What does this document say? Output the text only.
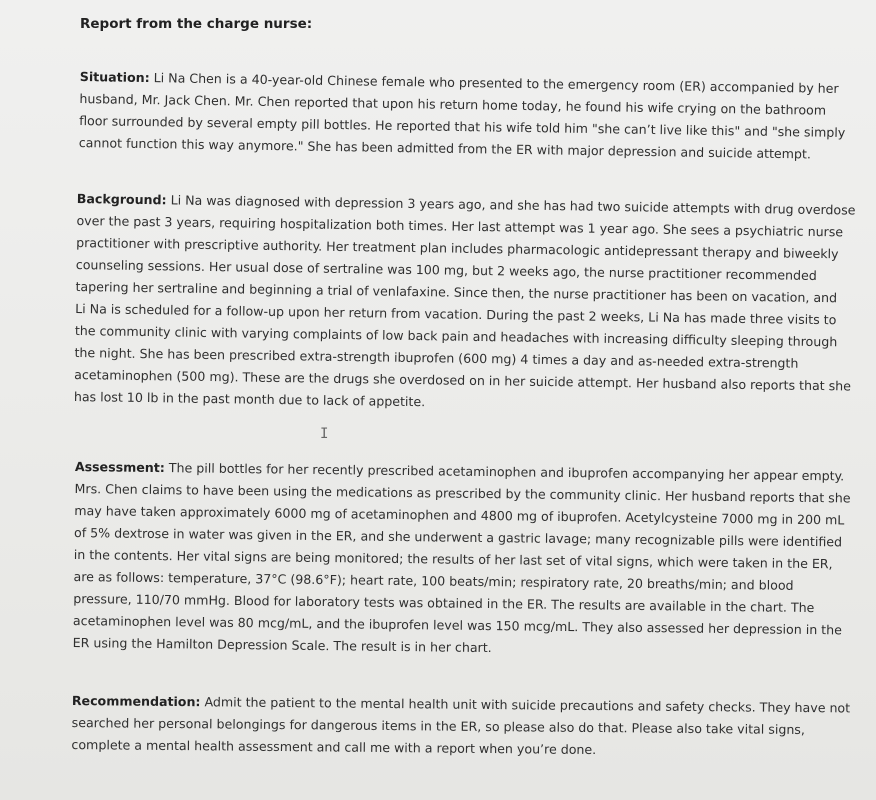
Report from the charge nurse:
Situation: Li Na Chen is a 40-year-old Chinese female who presented to the emergency room (ER) accompanied by her
husband, Mr. Jack Chen. Mr. Chen reported that upon his return home today, he found his wife crying on the bathroom
floor surrounded by several empty pill bottles. He reported that his wife told him "she can’t live like this" and "she simply
cannot function this way anymore." She has been admitted from the ER with major depression and suicide attempt.
Background: Li Na was diagnosed with depression 3 years ago, and she has had two suicide attempts with drug overdose
over the past 3 years, requiring hospitalization both times. Her last attempt was 1 year ago. She sees a psychiatric nurse
practitioner with prescriptive authority. Her treatment plan includes pharmacologic antidepressant therapy and biweekly
counseling sessions. Her usual dose of sertraline was 100 mg, but 2 weeks ago, the nurse practitioner recommended
tapering her sertraline and beginning a trial of venlafaxine. Since then, the nurse practitioner has been on vacation, and
Li Na is scheduled for a follow-up upon her return from vacation. During the past 2 weeks, Li Na has made three visits to
the community clinic with varying complaints of low back pain and headaches with increasing difficulty sleeping through
the night. She has been prescribed extra-strength ibuprofen (600 mg) 4 times a day and as-needed extra-strength
acetaminophen (500 mg). These are the drugs she overdosed on in her suicide attempt. Her husband also reports that she
has lost 10 lb in the past month due to lack of appetite.
Assessment: The pill bottles for her recently prescribed acetaminophen and ibuprofen accompanying her appear empty.
Mrs. Chen claims to have been using the medications as prescribed by the community clinic. Her husband reports that she
may have taken approximately 6000 mg of acetaminophen and 4800 mg of ibuprofen. Acetylcysteine 7000 mg in 200 mL
of 5% dextrose in water was given in the ER, and she underwent a gastric lavage; many recognizable pills were identified
in the contents. Her vital signs are being monitored; the results of her last set of vital signs, which were taken in the ER,
are as follows: temperature, 37°C (98.6°F); heart rate, 100 beats/min; respiratory rate, 20 breaths/min; and blood
pressure, 110/70 mmHg. Blood for laboratory tests was obtained in the ER. The results are available in the chart. The
acetaminophen level was 80 mcg/mL, and the ibuprofen level was 150 mcg/mL. They also assessed her depression in the
ER using the Hamilton Depression Scale. The result is in her chart.
Recommendation: Admit the patient to the mental health unit with suicide precautions and safety checks. They have not
searched her personal belongings for dangerous items in the ER, so please also do that. Please also take vital signs,
complete a mental health assessment and call me with a report when you’re done.
I
